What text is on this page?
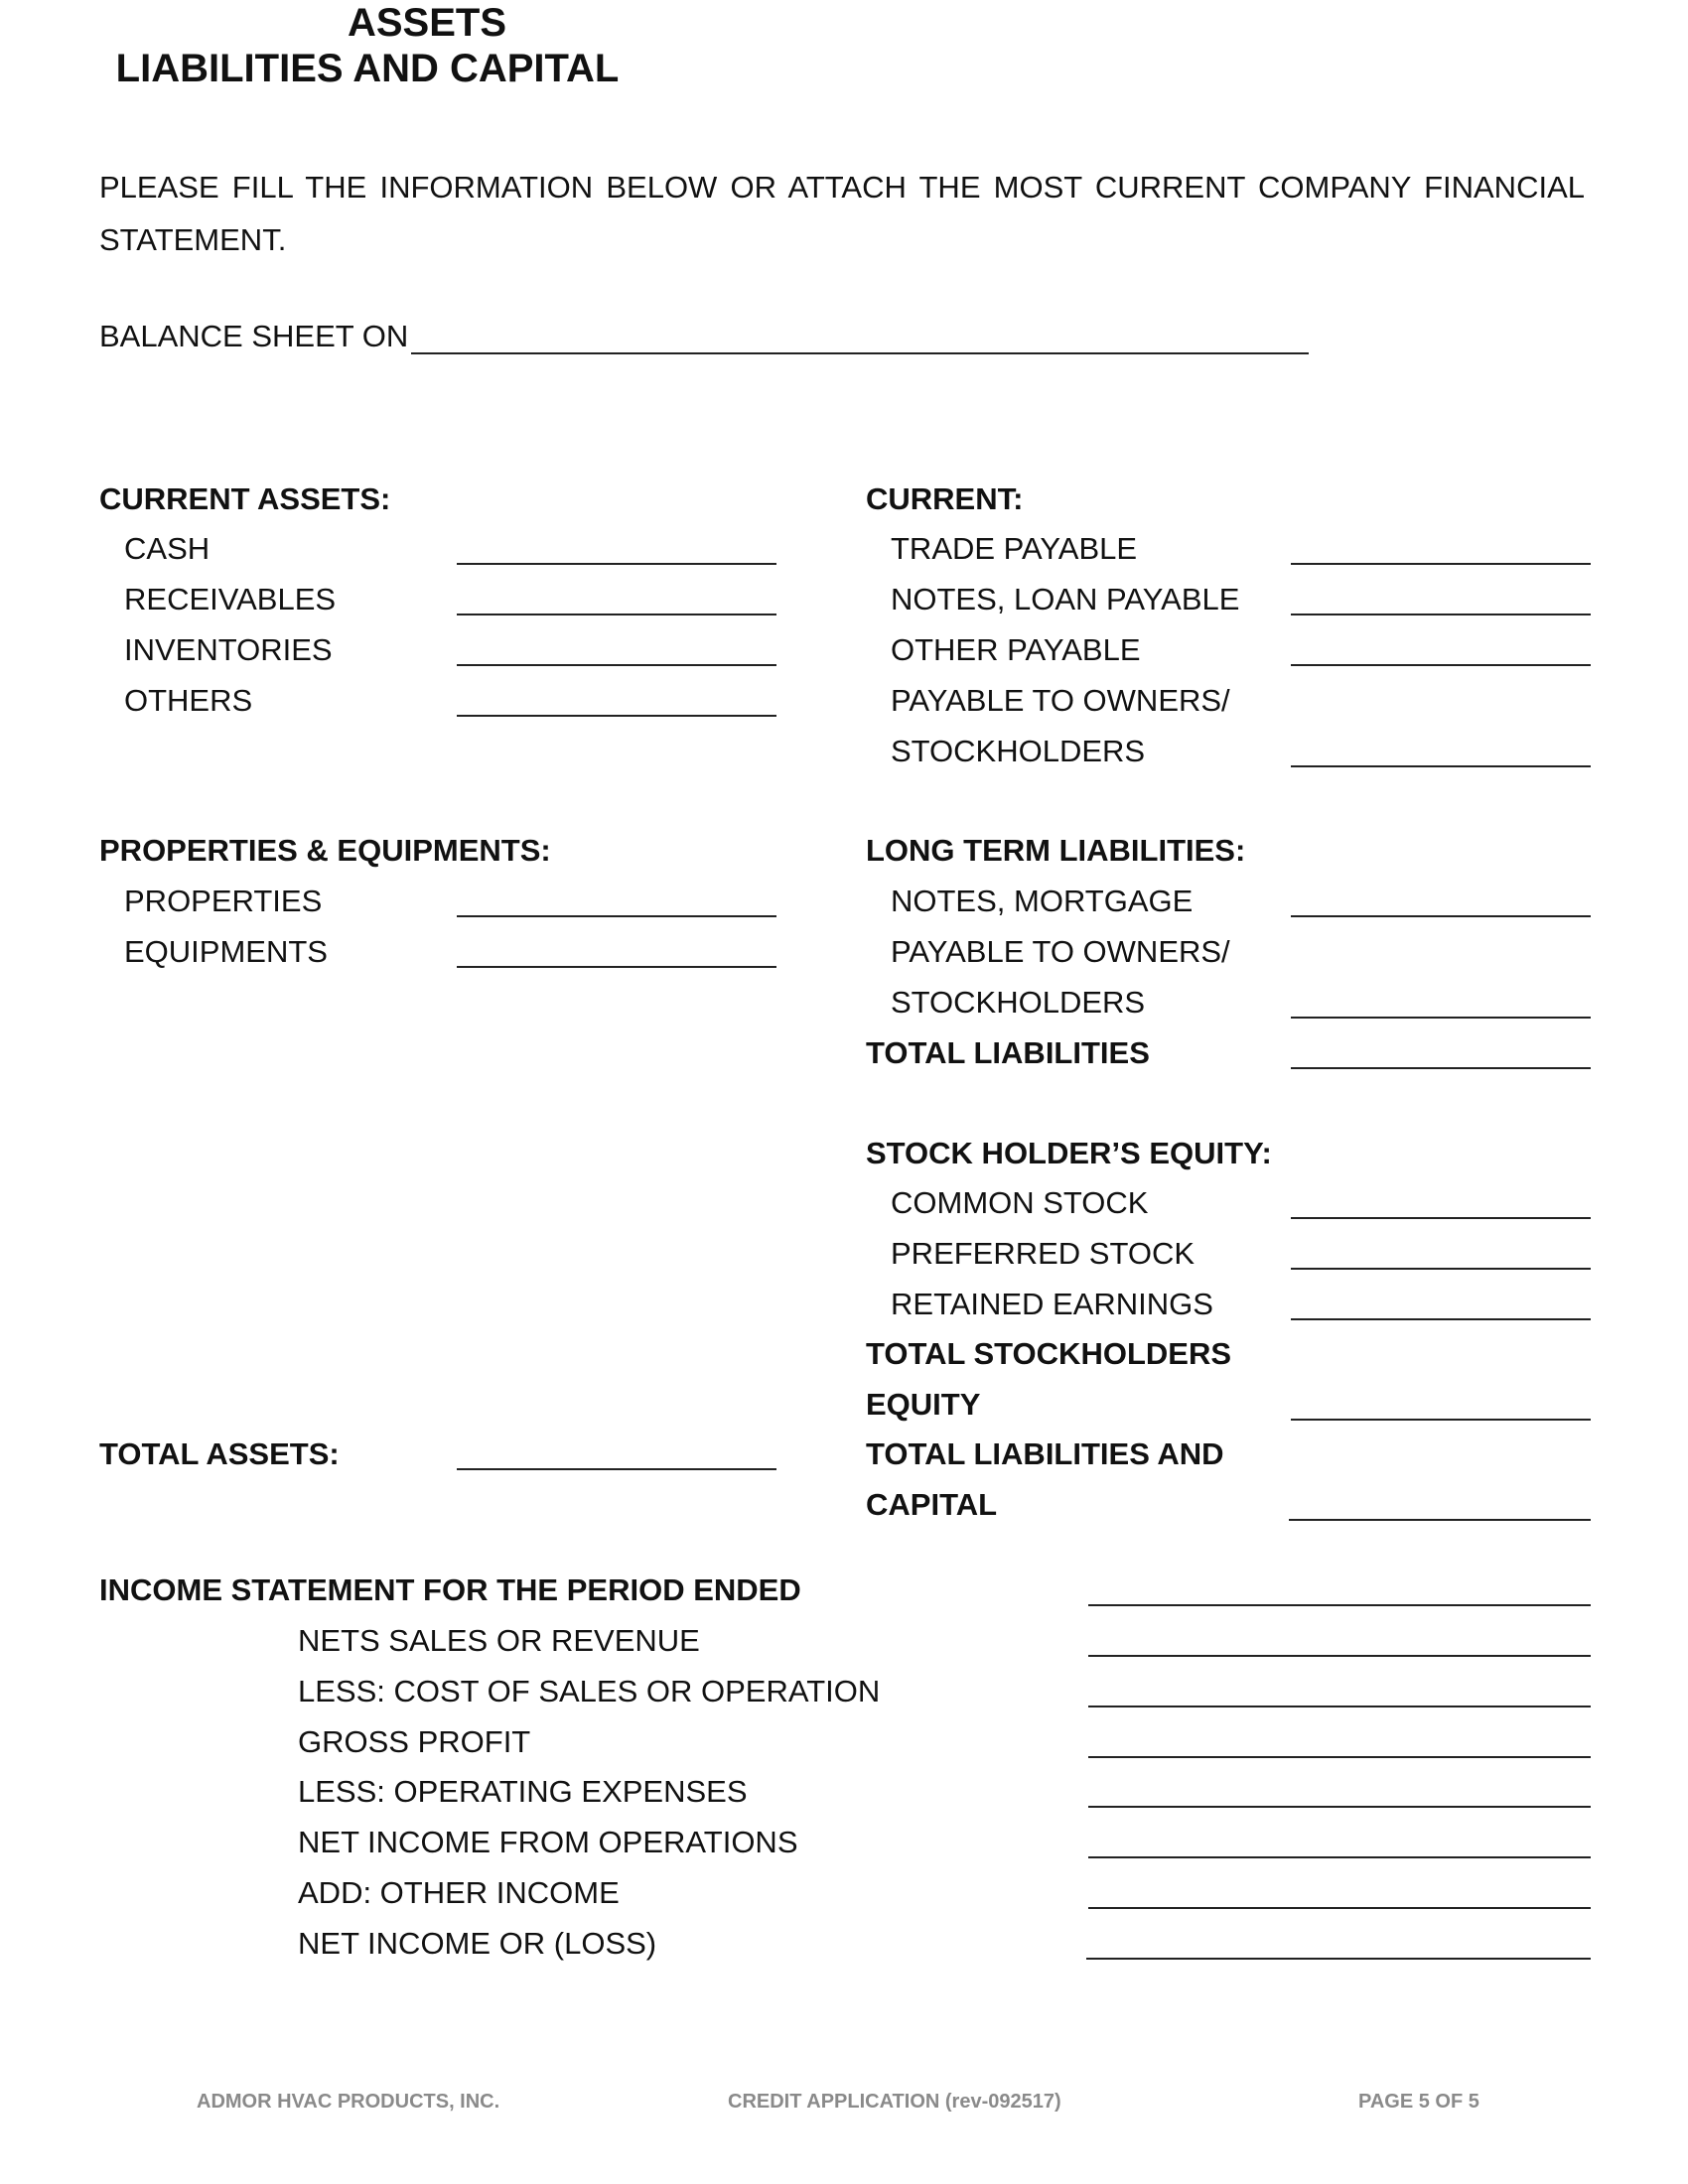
PLEASE FILL THE INFORMATION BELOW OR ATTACH THE MOST CURRENT COMPANY FINANCIAL
STATEMENT.
BALANCE SHEET ON
ASSETS
LIABILITIES AND CAPITAL
CURRENT ASSETS:
CASH
RECEIVABLES
INVENTORIES
OTHERS
PROPERTIES & EQUIPMENTS:
PROPERTIES
EQUIPMENTS
TOTAL ASSETS:
CURRENT:
TRADE PAYABLE
NOTES, LOAN PAYABLE
OTHER PAYABLE
PAYABLE TO OWNERS/
STOCKHOLDERS
LONG TERM LIABILITIES:
NOTES, MORTGAGE
PAYABLE TO OWNERS/
STOCKHOLDERS
TOTAL LIABILITIES
STOCK HOLDER’S EQUITY:
COMMON STOCK
PREFERRED STOCK
RETAINED EARNINGS
TOTAL STOCKHOLDERS
EQUITY
TOTAL LIABILITIES AND
CAPITAL
INCOME STATEMENT FOR THE PERIOD ENDED
NETS SALES OR REVENUE
LESS: COST OF SALES OR OPERATION
GROSS PROFIT
LESS: OPERATING EXPENSES
NET INCOME FROM OPERATIONS
ADD: OTHER INCOME
NET INCOME OR (LOSS)
ADMOR HVAC PRODUCTS, INC.	CREDIT APPLICATION (rev-092517)	PAGE 5 OF 5
